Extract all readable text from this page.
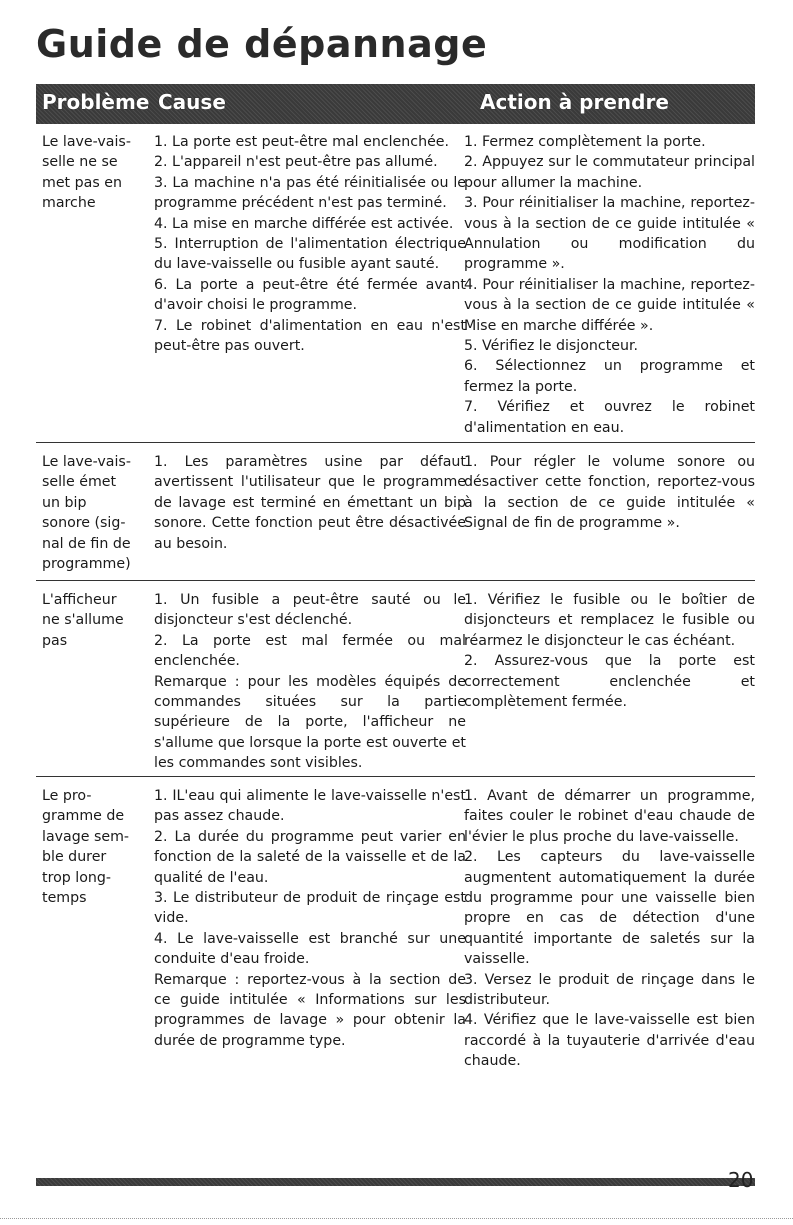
Guide de dépannage
Problème Cause	Action à prendre

Le lave-vais-

selle ne se

met pas en

marche

1. La porte est peut-être mal enclenchée.

2. L'appareil n'est peut-être pas allumé.

3. La machine n'a pas été réinitialisée ou le programme précédent n'est pas terminé.

4. La mise en marche différée est activée.

5. Interruption de l'alimentation électrique du lave-vaisselle ou fusible ayant sauté.

6. La porte a peut-être été fermée avant d'avoir choisi le programme.

7. Le robinet d'alimentation en eau n'est peut-être pas ouvert.

1. Fermez complètement la porte.

2. Appuyez sur le commutateur principal pour allumer la machine.

3. Pour réinitialiser la machine, reportez-vous à la section de ce guide intitulée « Annulation ou modification du programme ».

4. Pour réinitialiser la machine, reportez-vous à la section de ce guide intitulée « Mise en marche différée ».

5. Vérifiez le disjoncteur.

6. Sélectionnez un programme et fermez la porte.

7. Vérifiez et ouvrez le robinet d'alimentation en eau.

Le lave-vais-

selle émet

un bip

sonore (sig-

nal de fin de

programme)

1. Les paramètres usine par défaut avertissent l'utilisateur que le programme de lavage est terminé en émettant un bip sonore. Cette fonction peut être désactivée au besoin.

1. Pour régler le volume sonore ou désactiver cette fonction, reportez-vous à la section de ce guide intitulée « Signal de fin de programme ».

L'afficheur

ne s'allume

pas

1. Un fusible a peut-être sauté ou le disjoncteur s'est déclenché.

2. La porte est mal fermée ou mal enclenchée.

Remarque : pour les modèles équipés de commandes situées sur la partie supérieure de la porte, l'afficheur ne s'allume que lorsque la porte est ouverte et les commandes sont visibles.

1. Vérifiez le fusible ou le boîtier de disjoncteurs et remplacez le fusible ou réarmez le disjoncteur le cas échéant.

2. Assurez-vous que la porte est correctement enclenchée et complètement fermée.

Le pro-

gramme de

lavage sem-

ble durer

trop long-

temps

1. IL'eau qui alimente le lave-vaisselle n'est pas assez chaude.

2. La durée du programme peut varier en fonction de la saleté de la vaisselle et de la qualité de l'eau.

3. Le distributeur de produit de rinçage est vide.

4. Le lave-vaisselle est branché sur une conduite d'eau froide.

Remarque : reportez-vous à la section de ce guide intitulée « Informations sur les programmes de lavage » pour obtenir la durée de programme type.

1. Avant de démarrer un programme, faites couler le robinet d'eau chaude de l'évier le plus proche du lave-vaisselle.

2. Les capteurs du lave-vaisselle augmentent automatiquement la durée du programme pour une vaisselle bien propre en cas de détection d'une quantité importante de saletés sur la vaisselle.

3. Versez le produit de rinçage dans le distributeur.

4. Vérifiez que le lave-vaisselle est bien raccordé à la tuyauterie d'arrivée d'eau chaude.

20
